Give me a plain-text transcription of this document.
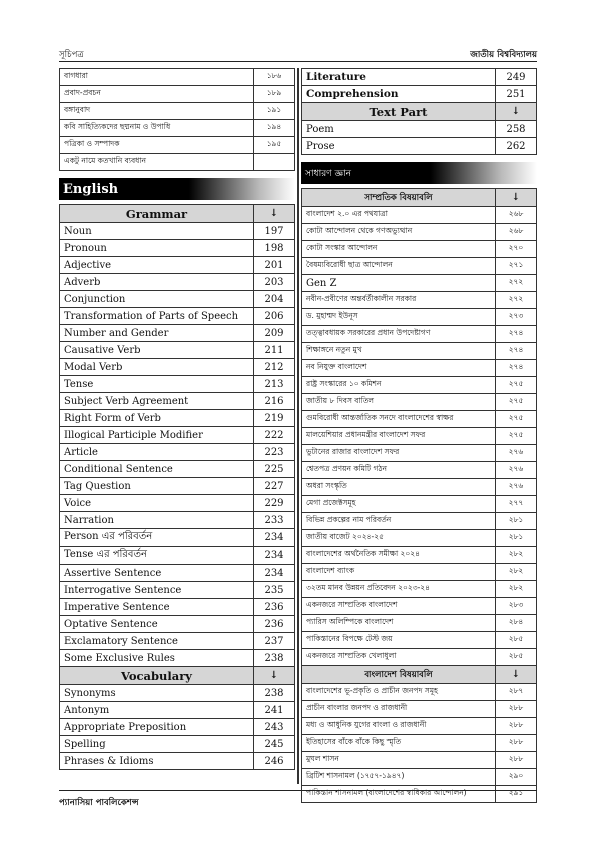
সূচিপত্র	জাতীয় বিশ্ববিদ্যালয়
বাগধারা	১৮৬
প্রবাদ-প্রবচন	১৮৯
বঙ্গানুবাদ	১৯১
কবি সাহিত্যিকদের ছদ্মনাম ও উপাধি	১৯৪
পত্রিকা ও সম্পাদক	১৯৫
একটু নামে কতখানি ব্যবধান	
English
Grammar	↓
Noun	197
Pronoun	198
Adjective	201
Adverb	203
Conjunction	204
Transformation of Parts of Speech	206
Number and Gender	209
Causative Verb	211
Modal Verb	212
Tense	213
Subject Verb Agreement	216
Right Form of Verb	219
Illogical Participle Modifier	222
Article	223
Conditional Sentence	225
Tag Question	227
Voice	229
Narration	233
Person এর পরিবর্তন	234
Tense এর পরিবর্তন	234
Assertive Sentence	234
Interrogative Sentence	235
Imperative Sentence	236
Optative Sentence	236
Exclamatory Sentence	237
Some Exclusive Rules	238
Vocabulary	↓
Synonyms	238
Antonym	241
Appropriate Preposition	243
Spelling	245
Phrases & Idioms	246
Literature	249
Comprehension	251
Text Part	↓
Poem	258
Prose	262
সাধারণ জ্ঞান
সাম্প্রতিক বিষয়াবলি	↓
বাংলাদেশ ২.০ এর পথযাত্রা	২৬৮
কোটা আন্দোলন থেকে গণঅভ্যুত্থান	২৬৮
কোটা সংস্কার আন্দোলন	২৭০
বৈষম্যবিরোধী ছাত্র আন্দোলন	২৭১
Gen Z	২৭২
নবীন-প্রবীণের অন্তর্বর্তীকালীন সরকার	২৭২
ড. মুহাম্মদ ইউনূস	২৭৩
তত্ত্বাবধায়ক সরকারের প্রধান উপদেষ্টাগণ	২৭৪
শিক্ষাঙ্গনে নতুন মুখ	২৭৪
নব নিযুক্ত বাংলাদেশ	২৭৪
রাষ্ট্র সংস্কারের ১০ কমিশন	২৭৫
জাতীয় ৮ দিবস বাতিল	২৭৫
গুমবিরোধী আন্তর্জাতিক সনদে বাংলাদেশের স্বাক্ষর	২৭৫
মালয়েশিয়ার প্রধানমন্ত্রীর বাংলাদেশ সফর	২৭৫
ভুটানের রাজার বাংলাদেশ সফর	২৭৬
শ্বেতপত্র প্রণয়ন কমিটি গঠন	২৭৬
অধরা সংস্কৃতি	২৭৬
মেগা প্রজেক্টসমূহ	২৭৭
বিভিন্ন প্রকল্পের নাম পরিবর্তন	২৮১
জাতীয় বাজেট ২০২৪-২৫	২৮১
বাংলাদেশের অর্থনৈতিক সমীক্ষা ২০২৪	২৮২
বাংলাদেশ ব্যাংক	২৮২
৩২তম মানব উন্নয়ন প্রতিবেদন ২০২৩-২৪	২৮২
একনজরে সাম্প্রতিক বাংলাদেশ	২৮৩
প্যারিস অলিম্পিকে বাংলাদেশ	২৮৪
পাকিস্তানের বিপক্ষে টেস্ট জয়	২৮৫
একনজরে সাম্প্রতিক খেলাধুলা	২৮৫
বাংলাদেশ বিষয়াবলি	↓
বাংলাদেশের ভূ-প্রকৃতি ও প্রাচীন জনপদ সমূহ	২৮৭
প্রাচীন বাংলার জনপদ ও রাজধানী	২৮৮
মধ্য ও আধুনিক যুগের বাংলা ও রাজধানী	২৮৮
ইতিহাসের বাঁকে বাঁকে কিছু স্মৃতি	২৮৮
মুঘল শাসন	২৮৮
ব্রিটিশ শাসনামল (১৭৫৭-১৯৪৭)	২৯০
পাকিস্তান শাসনামল (বাংলাদেশের স্বাধিকার আন্দোলন)	২৯১
প্যানাসিয়া পাবলিকেশন্স
